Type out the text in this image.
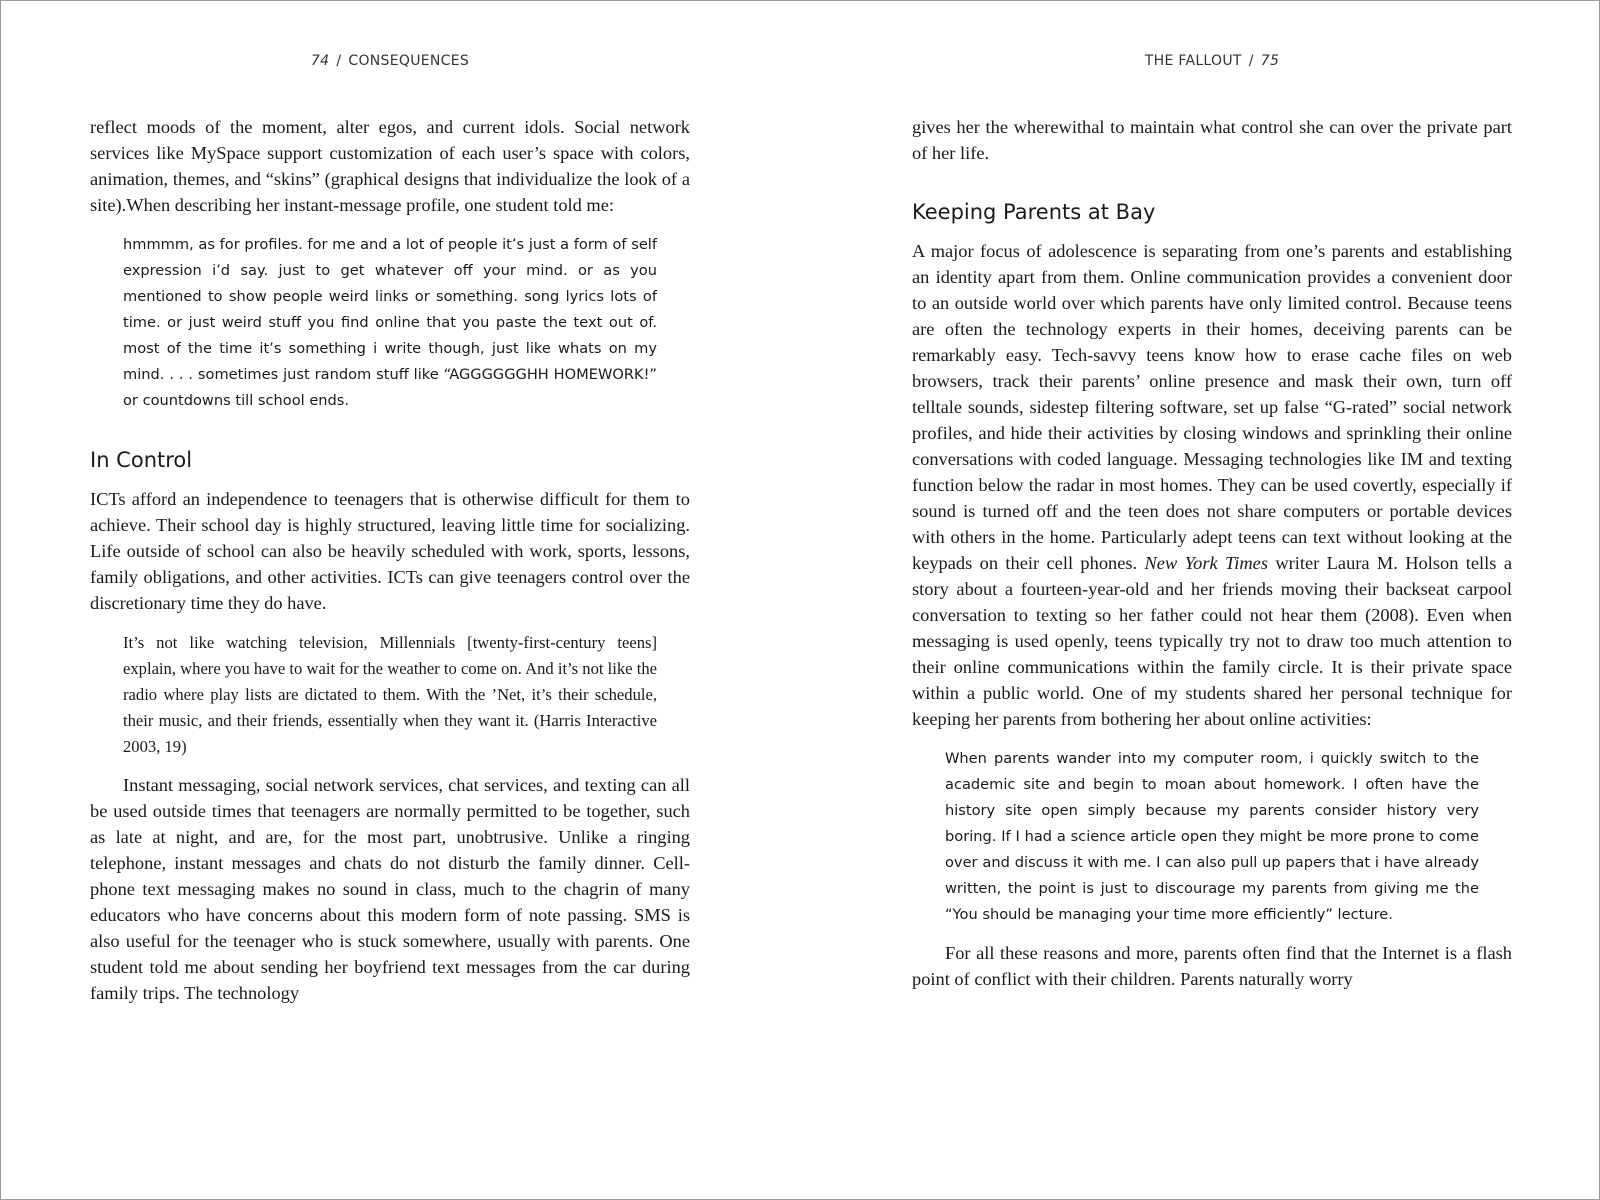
74 / CONSEQUENCES

reflect moods of the moment, alter egos, and current idols. Social network services like MySpace support customization of each user’s space with colors, animation, themes, and “skins” (graphical designs that individualize the look of a site).When describing her instant-message profile, one student told me:

hmmmm, as for profiles. for me and a lot of people it’s just a form of self expression i’d say. just to get whatever off your mind. or as you mentioned to show people weird links or something. song lyrics lots of time. or just weird stuff you find online that you paste the text out of. most of the time it’s something i write though, just like whats on my mind. . . . sometimes just random stuff like “AGGGGGGHH HOMEWORK!” or countdowns till school ends.

In Control

ICTs afford an independence to teenagers that is otherwise difficult for them to achieve. Their school day is highly structured, leaving little time for socializing. Life outside of school can also be heavily scheduled with work, sports, lessons, family obligations, and other activities. ICTs can give teenagers control over the discretionary time they do have.

It’s not like watching television, Millennials [twenty-first-century teens] explain, where you have to wait for the weather to come on. And it’s not like the radio where play lists are dictated to them. With the ’Net, it’s their schedule, their music, and their friends, essentially when they want it. (Harris Interactive 2003, 19)

Instant messaging, social network services, chat services, and texting can all be used outside times that teenagers are normally permitted to be together, such as late at night, and are, for the most part, unobtrusive. Unlike a ringing telephone, instant messages and chats do not disturb the family dinner. Cell-phone text messaging makes no sound in class, much to the chagrin of many educators who have concerns about this modern form of note passing. SMS is also useful for the teenager who is stuck somewhere, usually with parents. One student told me about sending her boyfriend text messages from the car during family trips. The technology

THE FALLOUT / 75

gives her the wherewithal to maintain what control she can over the private part of her life.

Keeping Parents at Bay

A major focus of adolescence is separating from one’s parents and establishing an identity apart from them. Online communication provides a convenient door to an outside world over which parents have only limited control. Because teens are often the technology experts in their homes, deceiving parents can be remarkably easy. Tech-savvy teens know how to erase cache files on web browsers, track their parents’ online presence and mask their own, turn off telltale sounds, sidestep filtering software, set up false “G-rated” social network profiles, and hide their activities by closing windows and sprinkling their online conversations with coded language. Messaging technologies like IM and texting function below the radar in most homes. They can be used covertly, especially if sound is turned off and the teen does not share computers or portable devices with others in the home. Particularly adept teens can text without looking at the keypads on their cell phones. New York Times writer Laura M. Holson tells a story about a fourteen-year-old and her friends moving their backseat carpool conversation to texting so her father could not hear them (2008). Even when messaging is used openly, teens typically try not to draw too much attention to their online communications within the family circle. It is their private space within a public world. One of my students shared her personal technique for keeping her parents from bothering her about online activities:

When parents wander into my computer room, i quickly switch to the academic site and begin to moan about homework. I often have the history site open simply because my parents consider history very boring. If I had a science article open they might be more prone to come over and discuss it with me. I can also pull up papers that i have already written, the point is just to discourage my parents from giving me the “You should be managing your time more efficiently” lecture.

For all these reasons and more, parents often find that the Internet is a flash point of conflict with their children. Parents naturally worry
